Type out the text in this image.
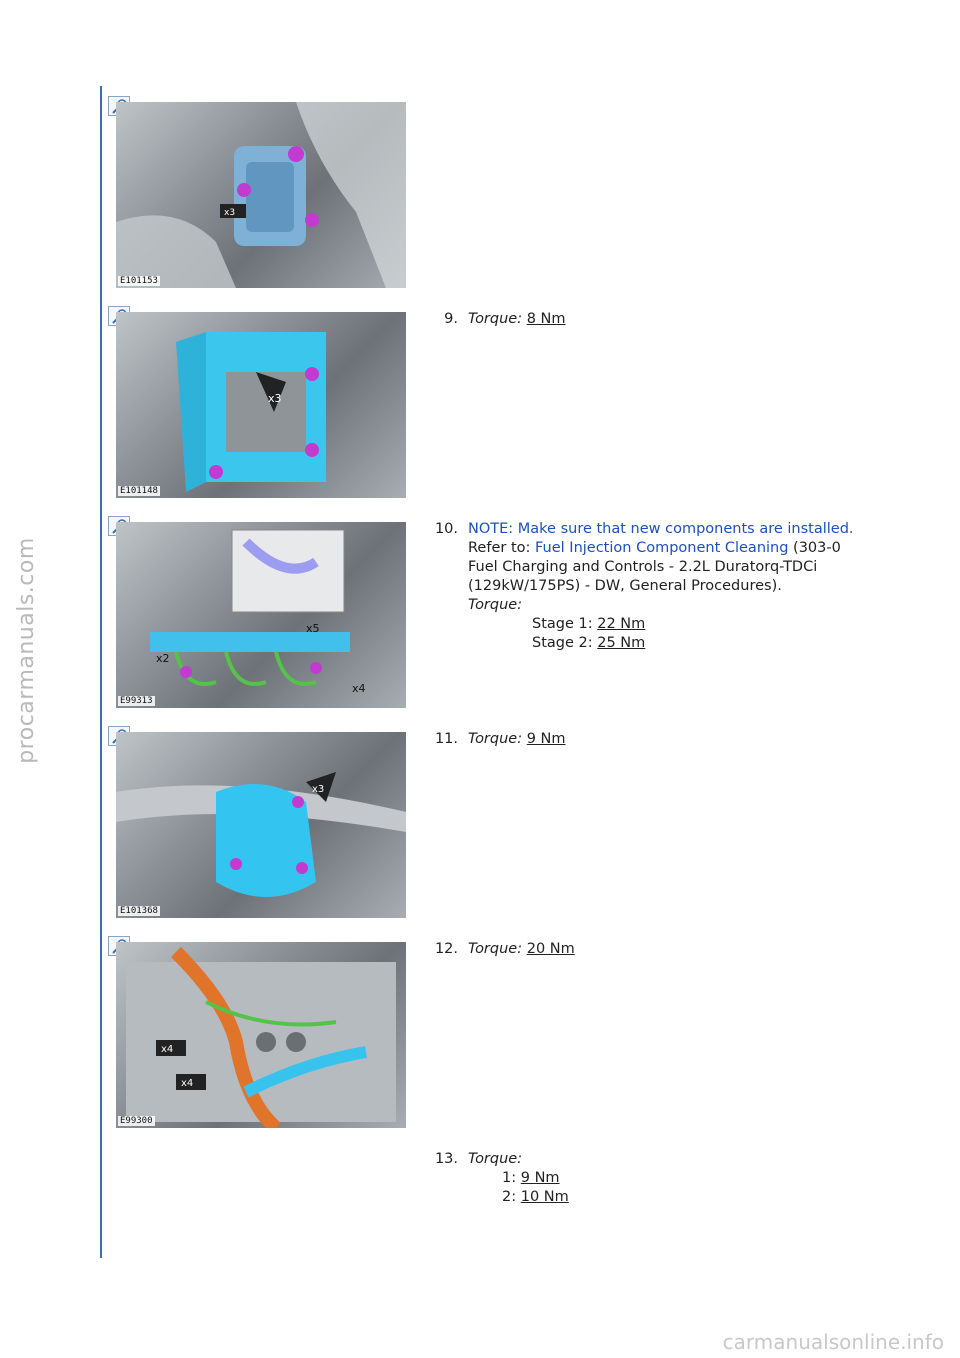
procarmanuals.com
x3
E101153
x3
E101148
9. Torque: 8 Nm
x2
x5
x4
E99313
10. NOTE: Make sure that new components are installed.
Refer to: Fuel Injection Component Cleaning (303-0
Fuel Charging and Controls - 2.2L Duratorq-TDCi
(129kW/175PS) - DW, General Procedures).
Torque:
Stage 1: 22 Nm
Stage 2: 25 Nm
x3
E101368
11. Torque: 9 Nm
x4
x4
E99300
12. Torque: 20 Nm
13. Torque:
1: 9 Nm
2: 10 Nm
carmanualsonline.info
